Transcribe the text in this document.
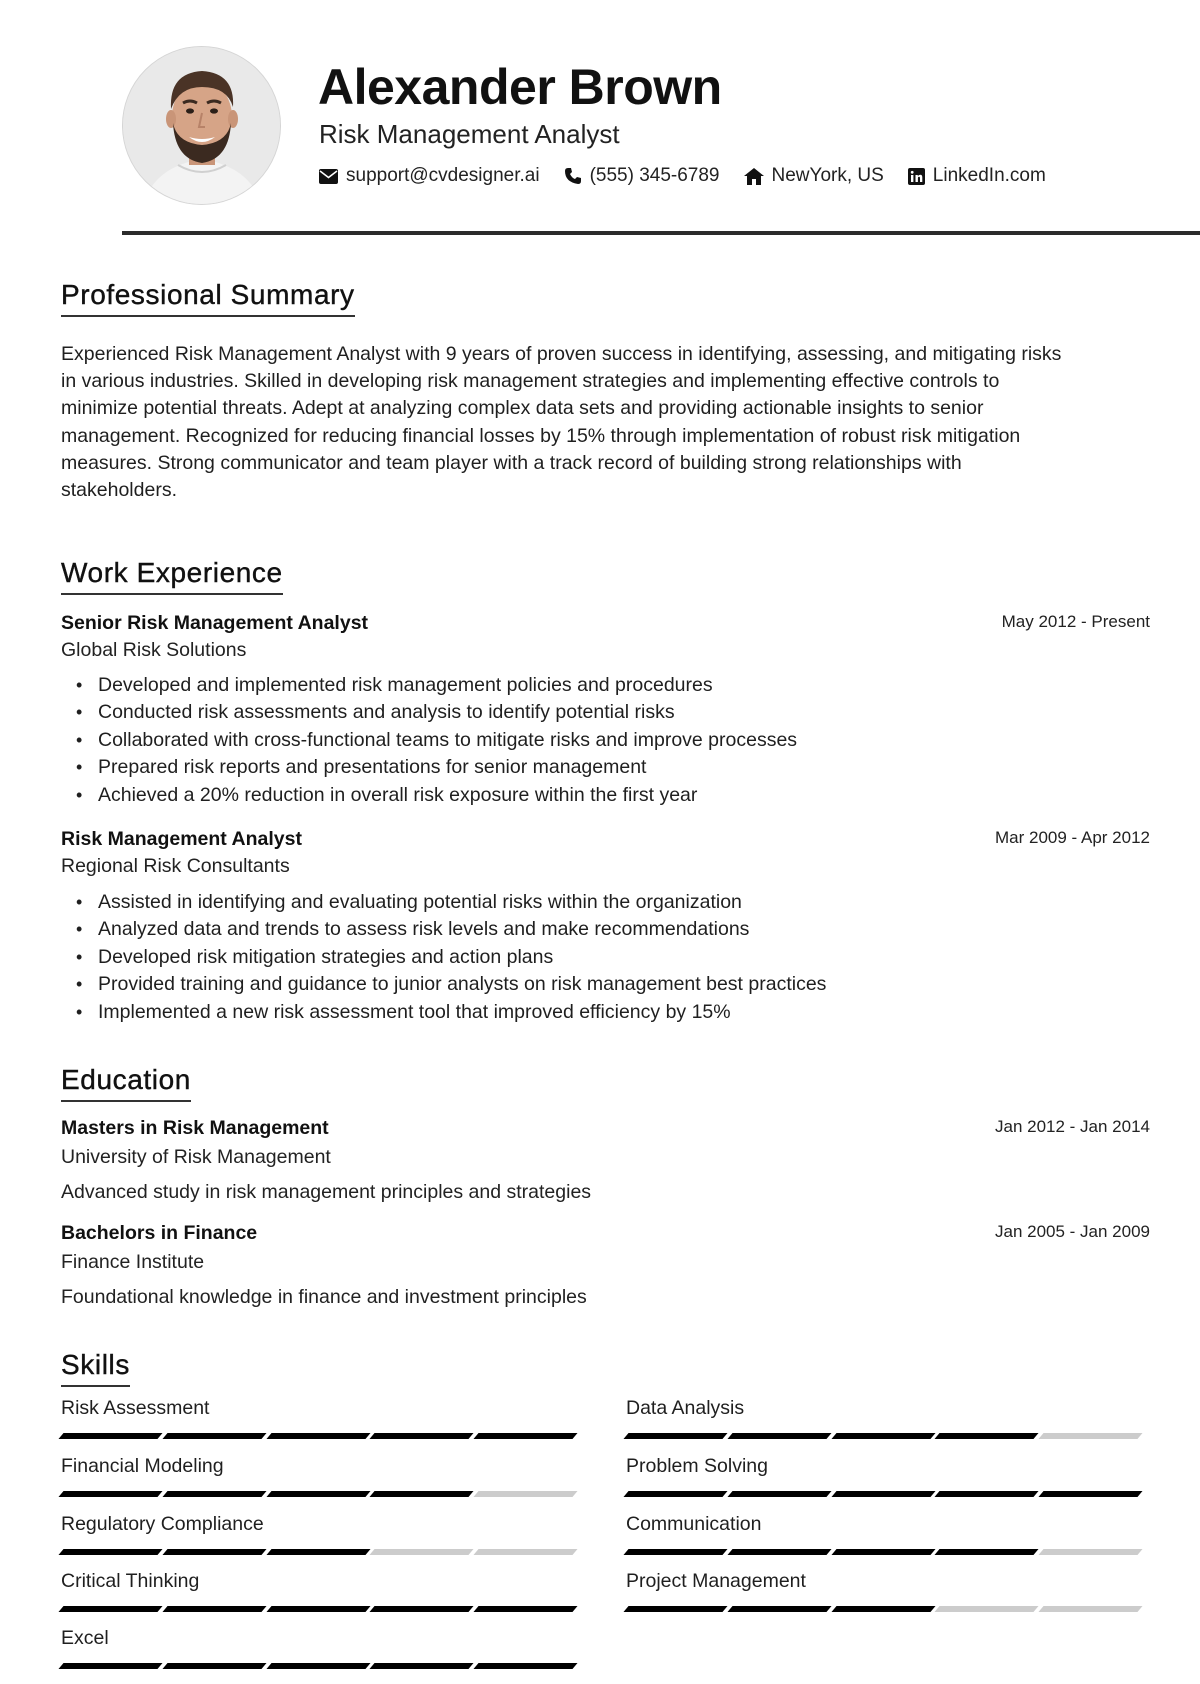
Alexander Brown
Risk Management Analyst
support@cvdesigner.ai	(555) 345-6789	NewYork, US	LinkedIn.com
Professional Summary
Experienced Risk Management Analyst with 9 years of proven success in identifying, assessing, and mitigating risks
in various industries. Skilled in developing risk management strategies and implementing effective controls to
minimize potential threats. Adept at analyzing complex data sets and providing actionable insights to senior
management. Recognized for reducing financial losses by 15% through implementation of robust risk mitigation
measures. Strong communicator and team player with a track record of building strong relationships with
stakeholders.
Work Experience
Senior Risk Management Analyst	May 2012 - Present
Global Risk Solutions
• Developed and implemented risk management policies and procedures
• Conducted risk assessments and analysis to identify potential risks
• Collaborated with cross-functional teams to mitigate risks and improve processes
• Prepared risk reports and presentations for senior management
• Achieved a 20% reduction in overall risk exposure within the first year
Risk Management Analyst	Mar 2009 - Apr 2012
Regional Risk Consultants
• Assisted in identifying and evaluating potential risks within the organization
• Analyzed data and trends to assess risk levels and make recommendations
• Developed risk mitigation strategies and action plans
• Provided training and guidance to junior analysts on risk management best practices
• Implemented a new risk assessment tool that improved efficiency by 15%
Education
Masters in Risk Management	Jan 2012 - Jan 2014
University of Risk Management
Advanced study in risk management principles and strategies
Bachelors in Finance	Jan 2005 - Jan 2009
Finance Institute
Foundational knowledge in finance and investment principles
Skills
Risk Assessment	Data Analysis
Financial Modeling	Problem Solving
Regulatory Compliance	Communication
Critical Thinking	Project Management
Excel
